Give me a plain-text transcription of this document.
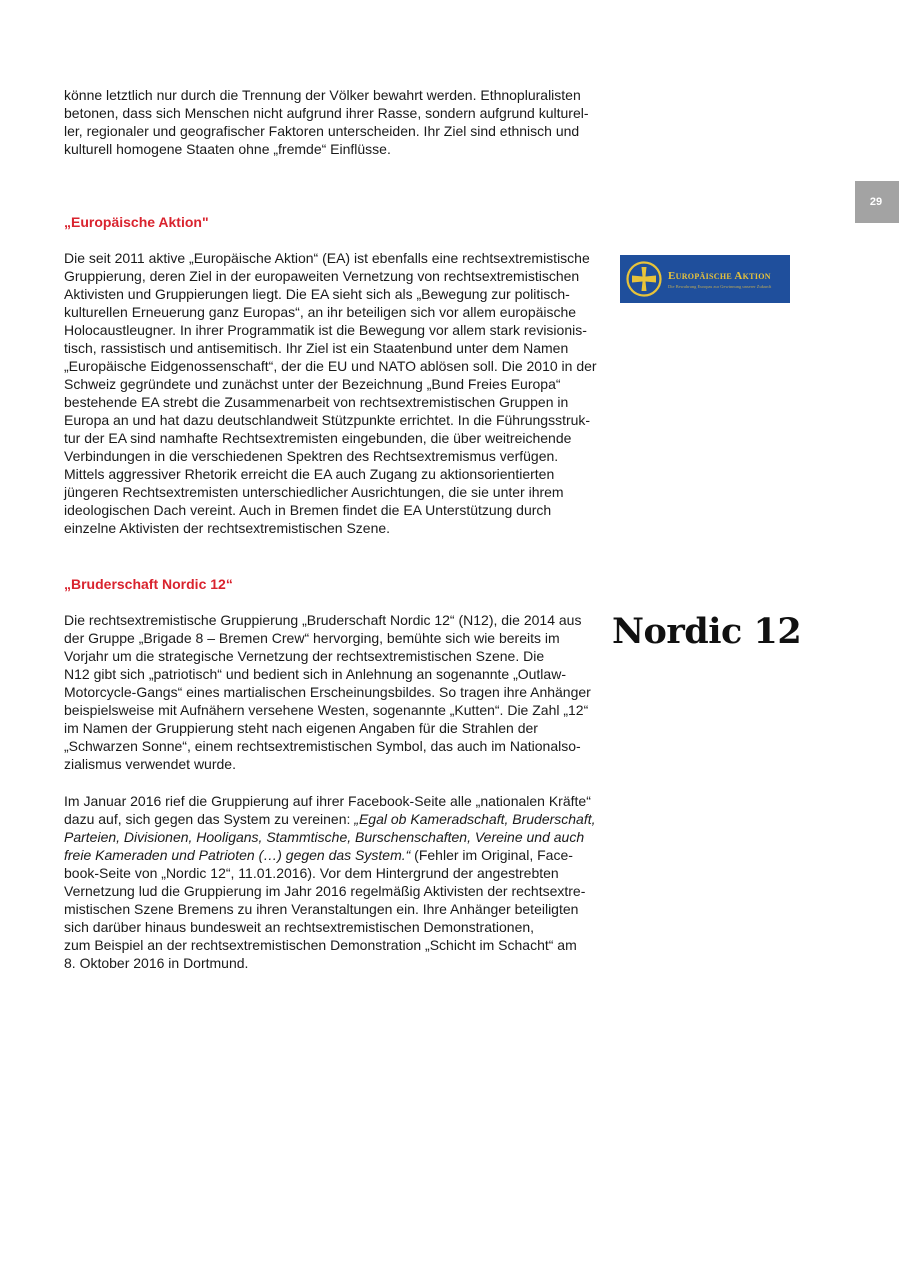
29
könne letztlich nur durch die Trennung der Völker bewahrt werden. Ethnopluralisten
betonen, dass sich Menschen nicht aufgrund ihrer Rasse, sondern aufgrund kulturel-
ler, regionaler und geografischer Faktoren unterscheiden. Ihr Ziel sind ethnisch und
kulturell homogene Staaten ohne „fremde“ Einflüsse.
„Europäische Aktion"
Europäische Aktion
Die Bewahrung Europas zur Gewinnung unserer Zukunft
Die seit 2011 aktive „Europäische Aktion“ (EA) ist ebenfalls eine rechtsextremistische
Gruppierung, deren Ziel in der europaweiten Vernetzung von rechtsextremistischen
Aktivisten und Gruppierungen liegt. Die EA sieht sich als „Bewegung zur politisch-
kulturellen Erneuerung ganz Europas“, an ihr beteiligen sich vor allem europäische
Holocaustleugner. In ihrer Programmatik ist die Bewegung vor allem stark revisionis-
tisch, rassistisch und antisemitisch. Ihr Ziel ist ein Staatenbund unter dem Namen
„Europäische Eidgenossenschaft“, der die EU und NATO ablösen soll. Die 2010 in der
Schweiz gegründete und zunächst unter der Bezeichnung „Bund Freies Europa“
bestehende EA strebt die Zusammenarbeit von rechtsextremistischen Gruppen in
Europa an und hat dazu deutschlandweit Stützpunkte errichtet. In die Führungsstruk-
tur der EA sind namhafte Rechtsextremisten eingebunden, die über weitreichende
Verbindungen in die verschiedenen Spektren des Rechtsextremismus verfügen.
Mittels aggressiver Rhetorik erreicht die EA auch Zugang zu aktionsorientierten
jüngeren Rechtsextremisten unterschiedlicher Ausrichtungen, die sie unter ihrem
ideologischen Dach vereint. Auch in Bremen findet die EA Unterstützung durch
einzelne Aktivisten der rechtsextremistischen Szene.
„Bruderschaft Nordic 12“
Nordic 12
Die rechtsextremistische Gruppierung „Bruderschaft Nordic 12“ (N12), die 2014 aus
der Gruppe „Brigade 8 – Bremen Crew“ hervorging, bemühte sich wie bereits im
Vorjahr um die strategische Vernetzung der rechtsextremistischen Szene. Die
N12 gibt sich „patriotisch“ und bedient sich in Anlehnung an sogenannte „Outlaw-
Motorcycle-Gangs“ eines martialischen Erscheinungsbildes. So tragen ihre Anhänger
beispielsweise mit Aufnähern versehene Westen, sogenannte „Kutten“. Die Zahl „12“
im Namen der Gruppierung steht nach eigenen Angaben für die Strahlen der
„Schwarzen Sonne“, einem rechtsextremistischen Symbol, das auch im Nationalso-
zialismus verwendet wurde.
Im Januar 2016 rief die Gruppierung auf ihrer Facebook-Seite alle „nationalen Kräfte“
dazu auf, sich gegen das System zu vereinen: „Egal ob Kameradschaft, Bruderschaft,
Parteien, Divisionen, Hooligans, Stammtische, Burschenschaften, Vereine und auch
freie Kameraden und Patrioten (…) gegen das System.“ (Fehler im Original, Face-
book-Seite von „Nordic 12“, 11.01.2016). Vor dem Hintergrund der angestrebten
Vernetzung lud die Gruppierung im Jahr 2016 regelmäßig Aktivisten der rechtsextre-
mistischen Szene Bremens zu ihren Veranstaltungen ein. Ihre Anhänger beteiligten
sich darüber hinaus bundesweit an rechtsextremistischen Demonstrationen,
zum Beispiel an der rechtsextremistischen Demonstration „Schicht im Schacht“ am
8. Oktober 2016 in Dortmund.
